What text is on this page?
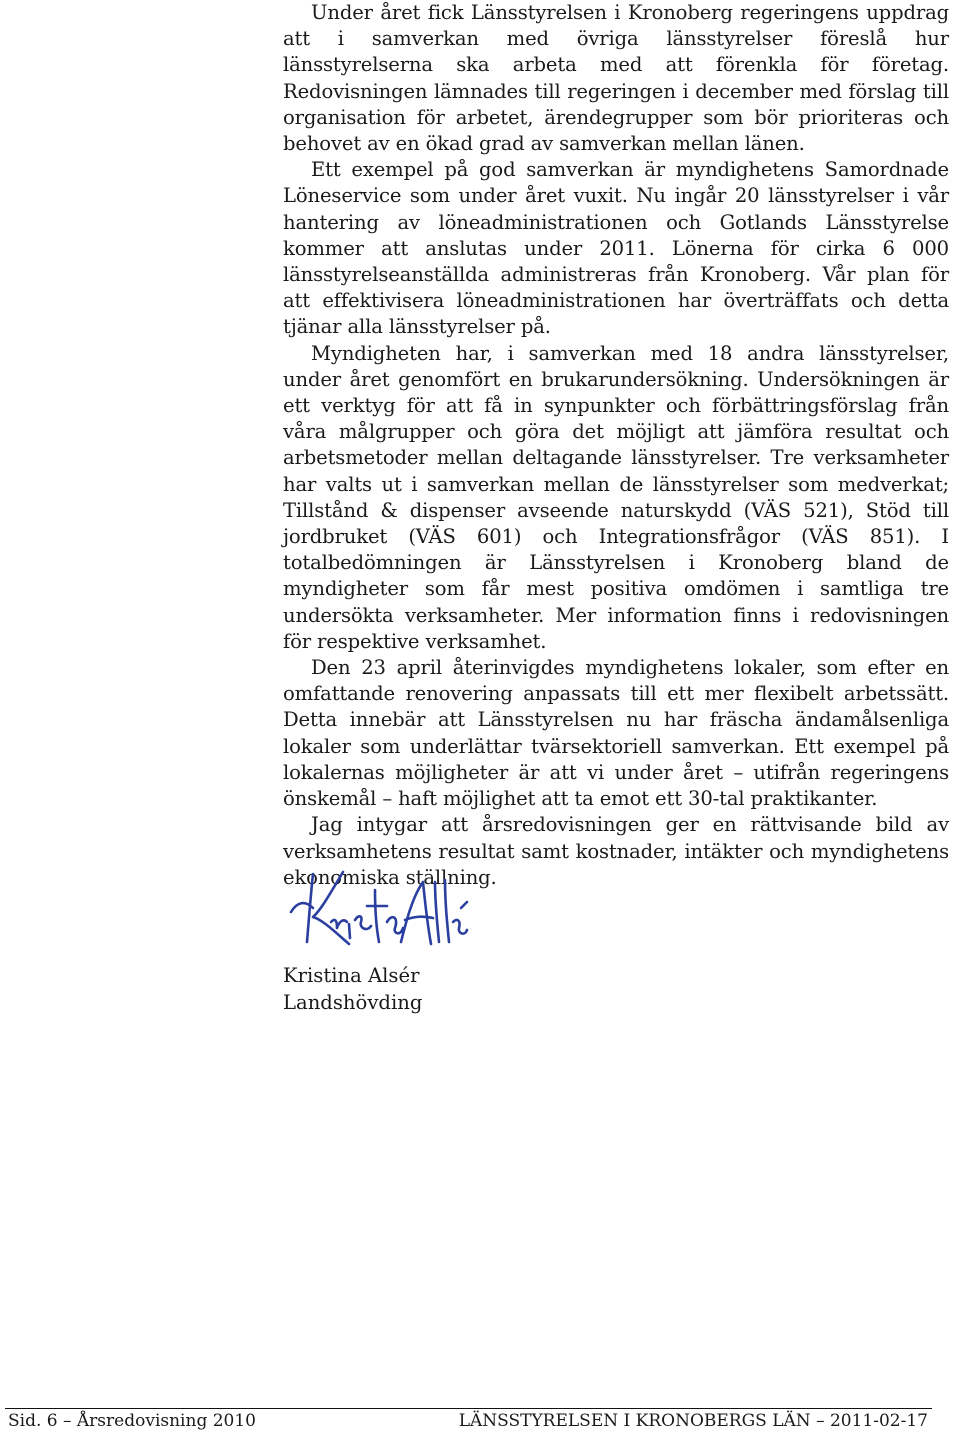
Under året fick Länsstyrelsen i Kronoberg regeringens uppdrag att i samverkan med övriga länsstyrelser föreslå hur länsstyrelserna ska arbeta med att förenkla för företag. Redovisningen lämnades till regeringen i december med förslag till organisation för arbetet, ärendegrupper som bör prioriteras och behovet av en ökad grad av samverkan mellan länen.

Ett exempel på god samverkan är myndighetens Samordnade Löneservice som under året vuxit. Nu ingår 20 länsstyrelser i vår hantering av löneadministrationen och Gotlands Länsstyrelse kommer att anslutas under 2011. Lönerna för cirka 6 000 länsstyrelseanställda administreras från Kronoberg. Vår plan för att effektivisera löneadministrationen har överträffats och detta tjänar alla länsstyrelser på.

Myndigheten har, i samverkan med 18 andra länsstyrelser, under året genomfört en brukarundersökning. Undersökningen är ett verktyg för att få in synpunkter och förbättringsförslag från våra målgrupper och göra det möjligt att jämföra resultat och arbetsmetoder mellan deltagande länsstyrelser. Tre verksamheter har valts ut i samverkan mellan de länsstyrelser som medverkat; Tillstånd & dispenser avseende naturskydd (VÄS 521), Stöd till jordbruket (VÄS 601) och Integrationsfrågor (VÄS 851). I totalbedömningen är Länsstyrelsen i Kronoberg bland de myndigheter som får mest positiva omdömen i samtliga tre undersökta verksamheter. Mer information finns i redovisningen för respektive verksamhet.

Den 23 april återinvigdes myndighetens lokaler, som efter en omfattande renovering anpassats till ett mer flexibelt arbetssätt. Detta innebär att Länsstyrelsen nu har fräscha ändamålsenliga lokaler som underlättar tvärsektoriell samverkan. Ett exempel på lokalernas möjligheter är att vi under året – utifrån regeringens önskemål – haft möjlighet att ta emot ett 30-tal praktikanter.

Jag intygar att årsredovisningen ger en rättvisande bild av verksamhetens resultat samt kostnader, intäkter och myndighetens ekonomiska ställning.

Kristina Alsér
Landshövding
Sid. 6 – Årsredovisning 2010	LÄNSSTYRELSEN I KRONOBERGS LÄN – 2011-02-17
